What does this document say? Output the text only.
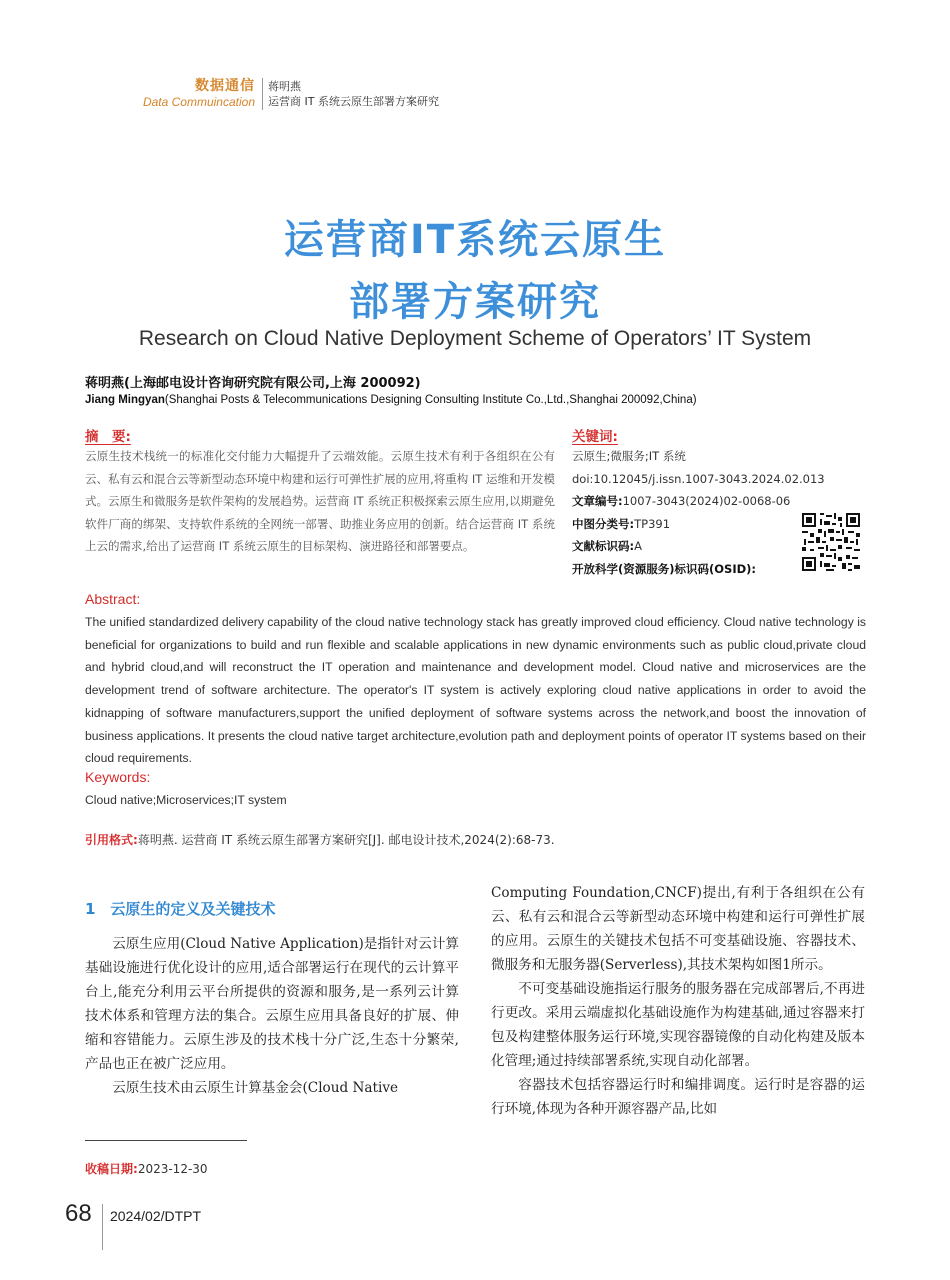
数据通信
Data Commuincation
蒋明燕
运营商 IT 系统云原生部署方案研究
运营商IT系统云原生
部署方案研究
Research on Cloud Native Deployment Scheme of Operators’ IT System
蒋明燕(上海邮电设计咨询研究院有限公司,上海 200092)
Jiang Mingyan(Shanghai Posts & Telecommunications Designing Consulting Institute Co.,Ltd.,Shanghai 200092,China)
摘　要:
云原生技术栈统一的标准化交付能力大幅提升了云端效能。云原生技术有利于各组织在公有云、私有云和混合云等新型动态环境中构建和运行可弹性扩展的应用,将重构 IT 运维和开发模式。云原生和微服务是软件架构的发展趋势。运营商 IT 系统正积极探索云原生应用,以期避免软件厂商的绑架、支持软件系统的全网统一部署、助推业务应用的创新。结合运营商 IT 系统上云的需求,给出了运营商 IT 系统云原生的目标架构、演进路径和部署要点。
关键词:
云原生;微服务;IT 系统
doi:10.12045/j.issn.1007-3043.2024.02.013
文章编号:1007-3043(2024)02-0068-06
中图分类号:TP391
文献标识码:A
开放科学(资源服务)标识码(OSID):
Abstract:
The unified standardized delivery capability of the cloud native technology stack has greatly improved cloud efficiency. Cloud native technology is beneficial for organizations to build and run flexible and scalable applications in new dynamic environments such as public cloud,private cloud and hybrid cloud,and will reconstruct the IT operation and maintenance and development model. Cloud native and microservices are the development trend of software architecture. The operator's IT system is actively exploring cloud native applications in order to avoid the kidnapping of software manufacturers,support the unified deployment of software systems across the network,and boost the innovation of business applications. It presents the cloud native target architecture,evolution path and deployment points of operator IT systems based on their cloud requirements.
Keywords:
Cloud native;Microservices;IT system
引用格式:蒋明燕. 运营商 IT 系统云原生部署方案研究[J]. 邮电设计技术,2024(2):68-73.
1　云原生的定义及关键技术

云原生应用(Cloud Native Application)是指针对云计算基础设施进行优化设计的应用,适合部署运行在现代的云计算平台上,能充分利用云平台所提供的资源和服务,是一系列云计算技术体系和管理方法的集合。云原生应用具备良好的扩展、伸缩和容错能力。云原生涉及的技术栈十分广泛,生态十分繁荣,产品也正在被广泛应用。

云原生技术由云原生计算基金会(Cloud Native

Computing Foundation,CNCF)提出,有利于各组织在公有云、私有云和混合云等新型动态环境中构建和运行可弹性扩展的应用。云原生的关键技术包括不可变基础设施、容器技术、微服务和无服务器(Serverless),其技术架构如图1所示。

不可变基础设施指运行服务的服务器在完成部署后,不再进行更改。采用云端虚拟化基础设施作为构建基础,通过容器来打包及构建整体服务运行环境,实现容器镜像的自动化构建及版本化管理;通过持续部署系统,实现自动化部署。

容器技术包括容器运行时和编排调度。运行时是容器的运行环境,体现为各种开源容器产品,比如

收稿日期:2023-12-30
68 2024/02/DTPT
